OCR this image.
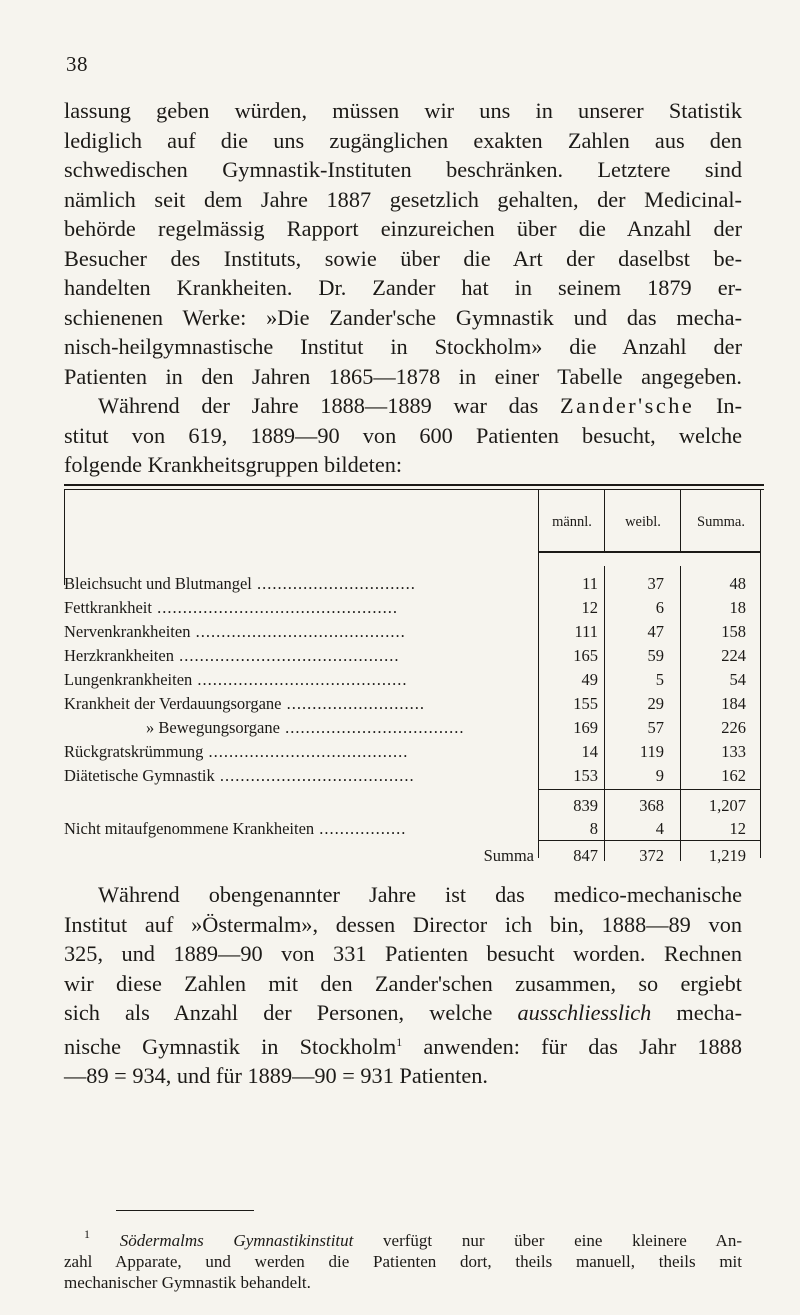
38

lassung geben würden, müssen wir uns in unserer Statistik
lediglich auf die uns zugänglichen exakten Zahlen aus den
schwedischen Gymnastik-Instituten beschränken. Letztere sind
nämlich seit dem Jahre 1887 gesetzlich gehalten, der Medicinal-
behörde regelmässig Rapport einzureichen über die Anzahl der
Besucher des Instituts, sowie über die Art der daselbst be-
handelten Krankheiten. Dr. Zander hat in seinem 1879 er-
schienenen Werke: »Die Zander'sche Gymnastik und das mecha-
nisch-heilgymnastische Institut in Stockholm» die Anzahl der
Patienten in den Jahren 1865—1878 in einer Tabelle angegeben.

Während der Jahre 1888—1889 war das Zander'sche In-
stitut von 619, 1889—90 von 600 Patienten besucht, welche
folgende Krankheitsgruppen bildeten:

männl.	weibl.	Summa.
Bleichsucht und Blutmangel ...............................	11	37	48
Fettkrankheit ...............................................	12	6	18
Nervenkrankheiten .........................................	111	47	158
Herzkrankheiten ...........................................	165	59	224
Lungenkrankheiten .........................................	49	5	54
Krankheit der Verdauungsorgane ...........................	155	29	184
» Bewegungsorgane ...................................	169	57	226
Rückgratskrümmung .......................................	14	119	133
Diätetische Gymnastik ......................................	153	9	162
839	368	1,207
Nicht mitaufgenommene Krankheiten .................	8	4	12
Summa	847	372	1,219

Während obengenannter Jahre ist das medico-mechanische
Institut auf »Östermalm», dessen Director ich bin, 1888—89 von
325, und 1889—90 von 331 Patienten besucht worden. Rechnen
wir diese Zahlen mit den Zander'schen zusammen, so ergiebt
sich als Anzahl der Personen, welche ausschliesslich mecha-
nische Gymnastik in Stockholm$^1$ anwenden: für das Jahr 1888
—89 = 934, und für 1889—90 = 931 Patienten.

$^1$ Södermalms Gymnastikinstitut verfügt nur über eine kleinere An-
zahl Apparate, und werden die Patienten dort, theils manuell, theils mit
mechanischer Gymnastik behandelt.
